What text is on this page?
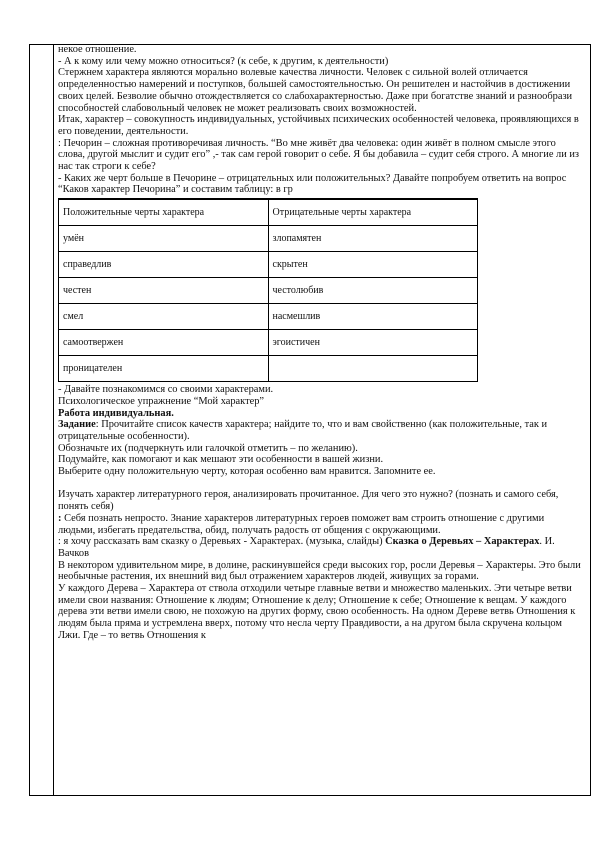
некое отношение.

- А к кому или чему можно относиться? (к себе, к другим, к деятельности)

Стержнем характера являются морально волевые качества личности. Человек с сильной волей отличается определенностью намерений и поступков, большей самостоятельностью. Он решителен и настойчив в достижении своих целей. Безволие обычно отождествляется со слабохарактерностью. Даже при богатстве знаний и разнообрази способностей слабовольный человек не может реализовать своих возможностей.

Итак, характер – совокупность индивидуальных, устойчивых психических особенностей человека, проявляющихся в его поведении, деятельности.

: Печорин – сложная противоречивая личность. “Во мне живёт два человека: один живёт в полном смысле этого слова, другой мыслит и судит его” ,- так сам герой говорит о себе. Я бы добавила – судит себя строго. А многие ли из нас так строги к себе?

- Каких же черт больше в Печорине – отрицательных или положительных? Давайте попробуем ответить на вопрос “Каков характер Печорина” и составим таблицу: в гр

Положительные черты характера	Отрицательные черты характера
умён	злопамятен
справедлив	скрытен
честен	честолюбив
смел	насмешлив
самоотвержен	эгоистичен
проницателен	

- Давайте познакомимся со своими характерами.

Психологическое упражнение “Мой характер”

Работа индивидуальная.

Задание: Прочитайте список качеств характера; найдите то, что и вам свойственно (как положительные, так и отрицательные особенности).

Обозначьте их (подчеркнуть или галочкой отметить – по желанию).

Подумайте, как помогают и как мешают эти особенности в вашей жизни.

Выберите одну положительную черту, которая особенно вам нравится. Запомните ее.

Изучать характер литературного героя, анализировать прочитанное. Для чего это нужно? (познать и самого себя, понять себя)

: Себя познать непросто. Знание характеров литературных героев поможет вам строить отношение с другими людьми, избегать предательства, обид, получать радость от общения с окружающими.

: я хочу рассказать вам сказку о Деревьях - Характерах. (музыка, слайды) Сказка о Деревьях – Характерах. И. Вачков

В некотором удивительном мире, в долине, раскинувшейся среди высоких гор, росли Деревья – Характеры. Это были необычные растения, их внешний вид был отражением характеров людей, живущих за горами.

У каждого Дерева – Характера от ствола отходили четыре главные ветви и множество маленьких. Эти четыре ветви имели свои названия: Отношение к людям; Отношение к делу; Отношение к себе; Отношение к вещам. У каждого дерева эти ветви имели свою, не похожую на других форму, свою особенность. На одном Дереве ветвь Отношения к людям была пряма и устремлена вверх, потому что несла черту Правдивости, а на другом была скручена кольцом Лжи. Где – то ветвь Отношения к
